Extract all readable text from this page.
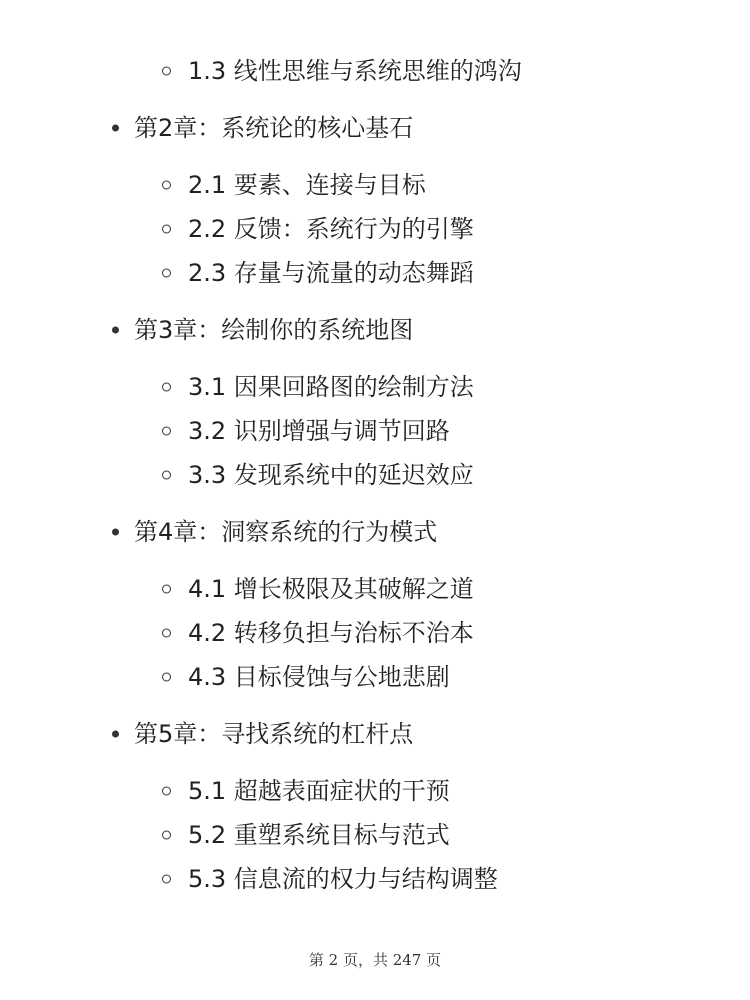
1.3 线性思维与系统思维的鸿沟
第2章：系统论的核心基石
2.1 要素、连接与目标
2.2 反馈：系统行为的引擎
2.3 存量与流量的动态舞蹈
第3章：绘制你的系统地图
3.1 因果回路图的绘制方法
3.2 识别增强与调节回路
3.3 发现系统中的延迟效应
第4章：洞察系统的行为模式
4.1 增长极限及其破解之道
4.2 转移负担与治标不治本
4.3 目标侵蚀与公地悲剧
第5章：寻找系统的杠杆点
5.1 超越表面症状的干预
5.2 重塑系统目标与范式
5.3 信息流的权力与结构调整
第 2 页，共 247 页
